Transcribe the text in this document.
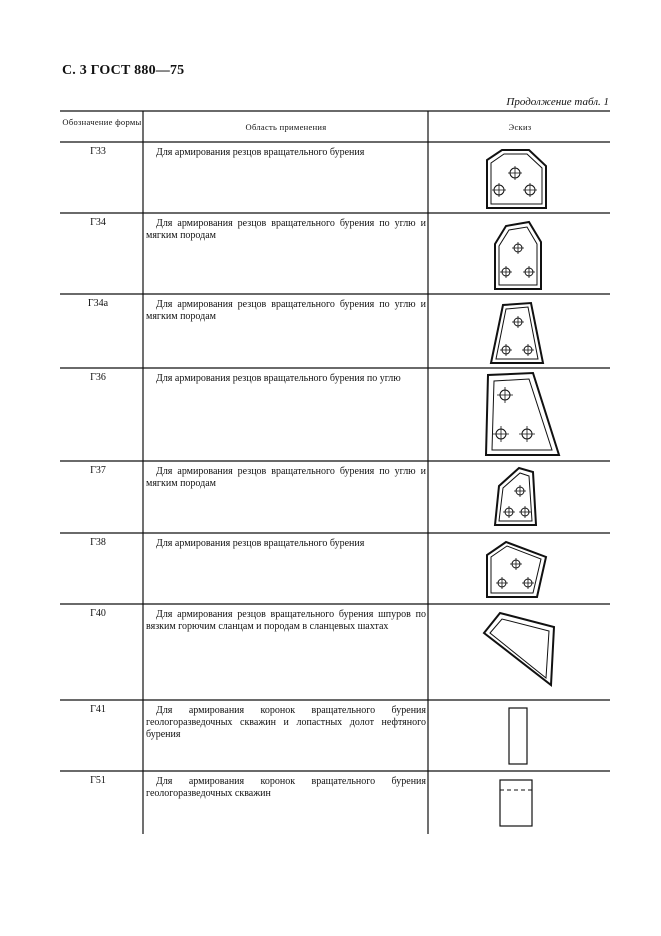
С. 3 ГОСТ 880—75
Продолжение табл. 1
Обозначение формы	Область применения	Эскиз
Г33	Для армирования резцов вращательного бурения
Г34	Для армирования резцов вращательного бурения по углю и мягким породам
Г34а	Для армирования резцов вращательного бурения по углю и мягким породам
Г36	Для армирования резцов вращательного бурения по углю
Г37	Для армирования резцов вращательного бурения по углю и мягким породам
Г38	Для армирования резцов вращательного бурения
Г40	Для армирования резцов вращательного бурения шпуров по вязким горючим сланцам и породам в сланцевых шахтах
Г41	Для армирования коронок вращательного бурения геологоразведочных скважин и лопастных долот нефтяного бурения
Г51	Для армирования коронок вращательного бурения геологоразведочных скважин
